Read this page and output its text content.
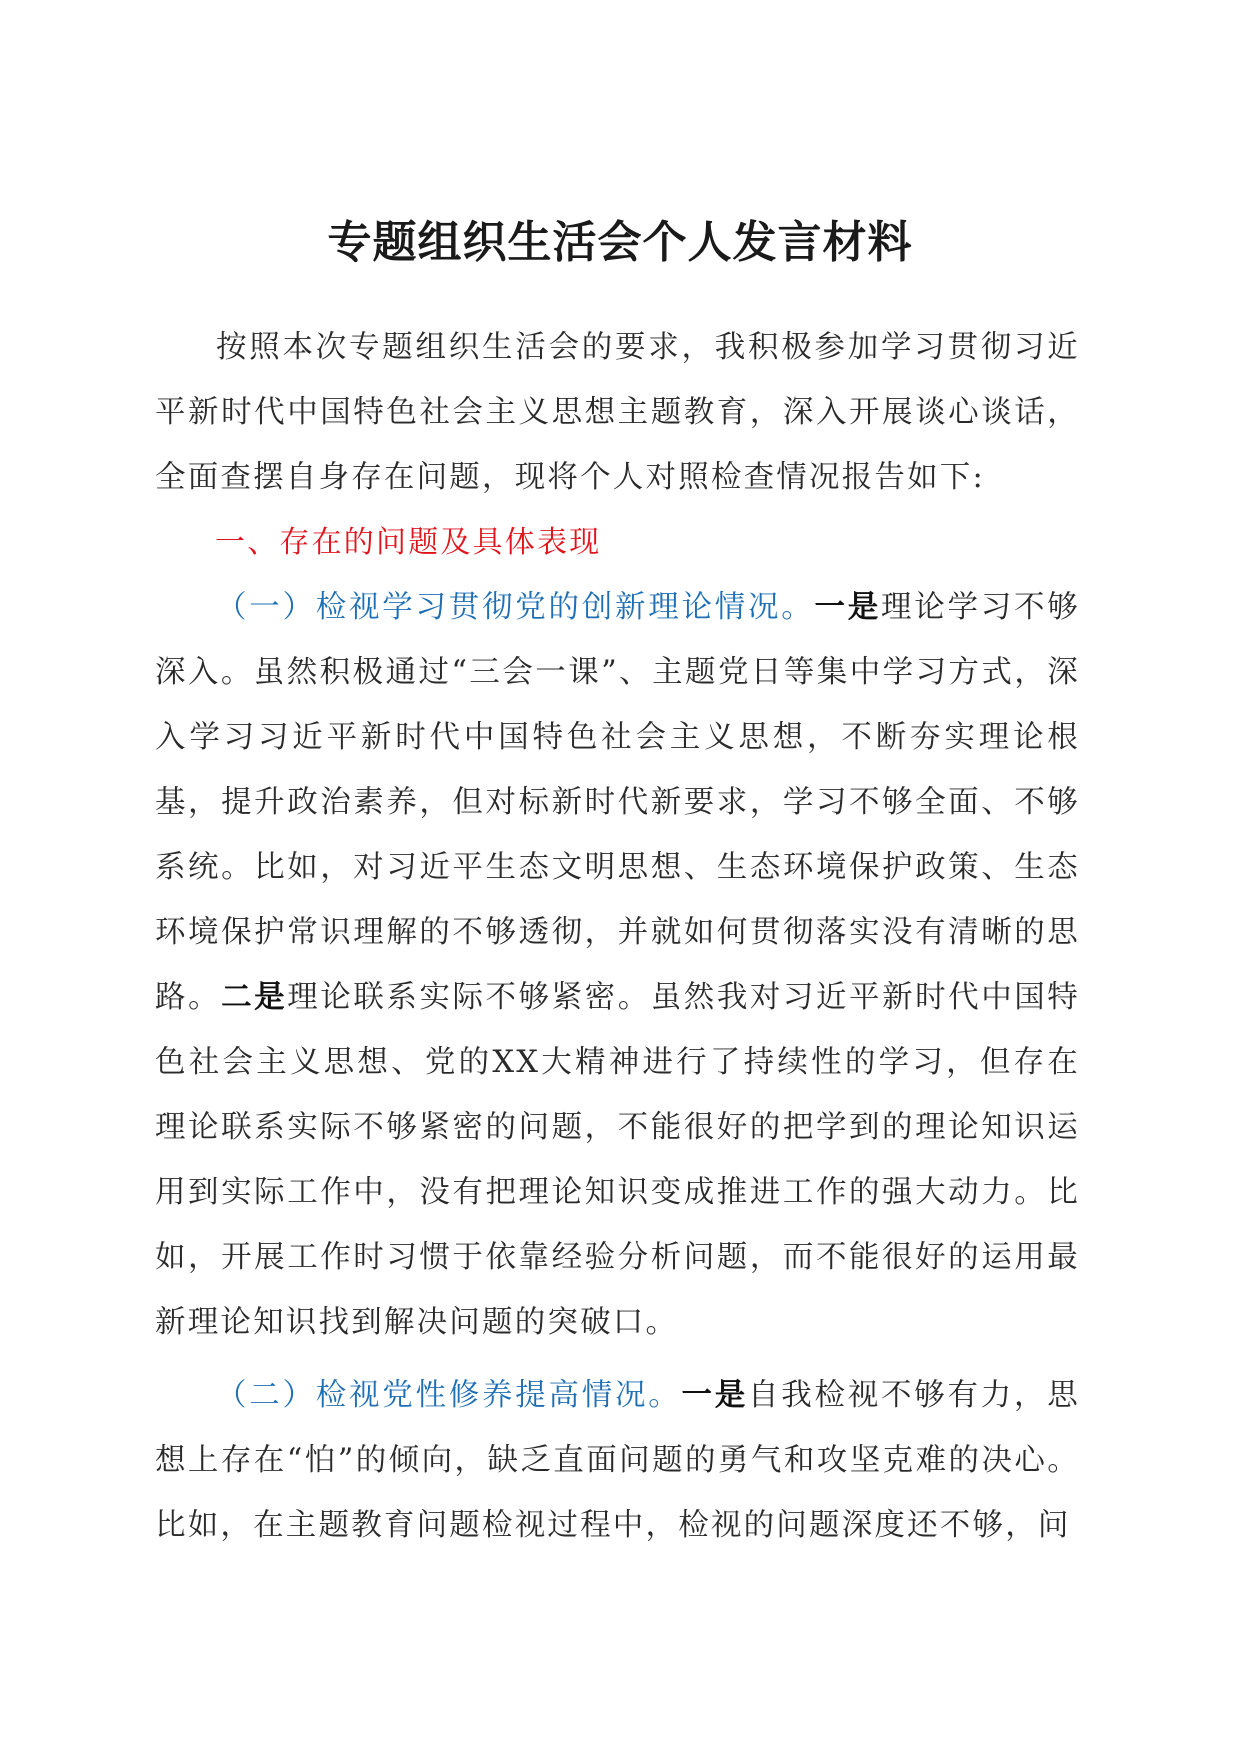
专题组织生活会个人发言材料

按照本次专题组织生活会的要求，我积极参加学习贯彻习近平新时代中国特色社会主义思想主题教育，深入开展谈心谈话，全面查摆自身存在问题，现将个人对照检查情况报告如下:

一、存在的问题及具体表现

（一）检视学习贯彻党的创新理论情况。一是理论学习不够深入。虽然积极通过“三会一课”、主题党日等集中学习方式，深入学习习近平新时代中国特色社会主义思想，不断夯实理论根基，提升政治素养，但对标新时代新要求，学习不够全面、不够系统。比如，对习近平生态文明思想、生态环境保护政策、生态环境保护常识理解的不够透彻，并就如何贯彻落实没有清晰的思路。二是理论联系实际不够紧密。虽然我对习近平新时代中国特色社会主义思想、党的XX大精神进行了持续性的学习，但存在理论联系实际不够紧密的问题，不能很好的把学到的理论知识运用到实际工作中，没有把理论知识变成推进工作的强大动力。比如，开展工作时习惯于依靠经验分析问题，而不能很好的运用最新理论知识找到解决问题的突破口。

（二）检视党性修养提高情况。一是自我检视不够有力，思想上存在“怕”的倾向，缺乏直面问题的勇气和攻坚克难的决心。比如，在主题教育问题检视过程中，检视的问题深度还不够，问
